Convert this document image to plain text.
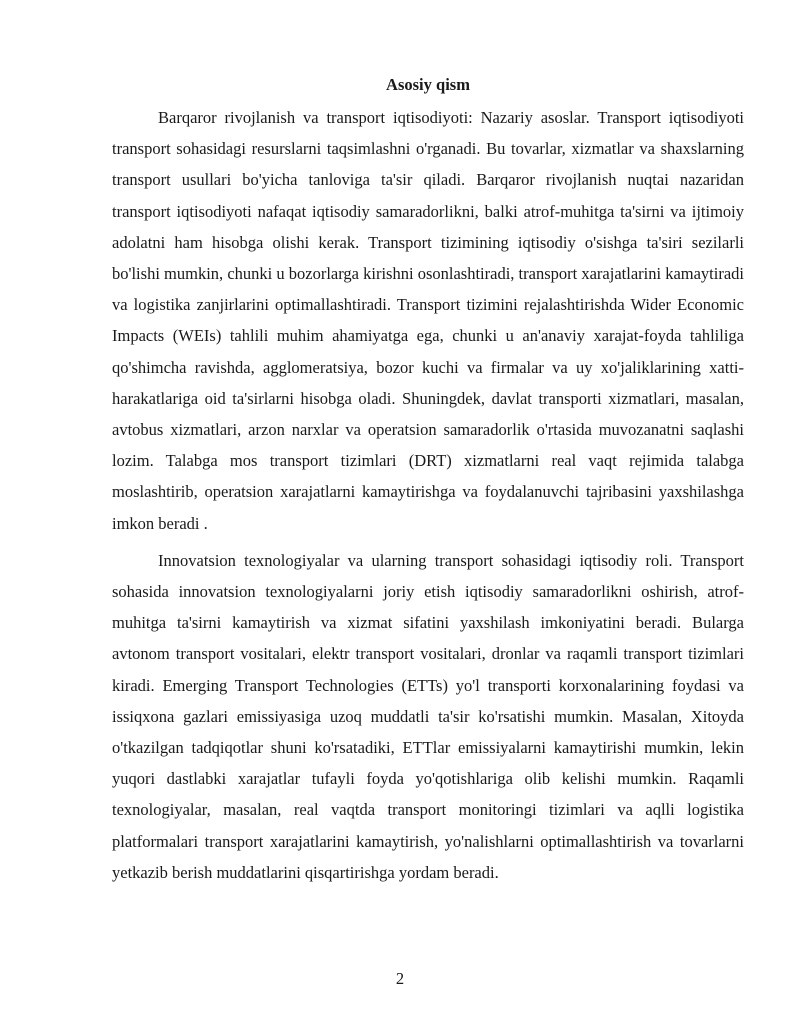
Asosiy qism

Barqaror rivojlanish va transport iqtisodiyoti: Nazariy asoslar. Transport iqtisodiyoti transport sohasidagi resurslarni taqsimlashni o'rganadi. Bu tovarlar, xizmatlar va shaxslarning transport usullari bo'yicha tanloviga ta'sir qiladi. Barqaror rivojlanish nuqtai nazaridan transport iqtisodiyoti nafaqat iqtisodiy samaradorlikni, balki atrof-muhitga ta'sirni va ijtimoiy adolatni ham hisobga olishi kerak. Transport tizimining iqtisodiy o'sishga ta'siri sezilarli bo'lishi mumkin, chunki u bozorlarga kirishni osonlashtiradi, transport xarajatlarini kamaytiradi va logistika zanjirlarini optimallashtiradi. Transport tizimini rejalashtirishda Wider Economic Impacts (WEIs) tahlili muhim ahamiyatga ega, chunki u an'anaviy xarajat-foyda tahliliga qo'shimcha ravishda, agglomeratsiya, bozor kuchi va firmalar va uy xo'jaliklarining xatti-harakatlariga oid ta'sirlarni hisobga oladi. Shuningdek, davlat transporti xizmatlari, masalan, avtobus xizmatlari, arzon narxlar va operatsion samaradorlik o'rtasida muvozanatni saqlashi lozim. Talabga mos transport tizimlari (DRT) xizmatlarni real vaqt rejimida talabga moslashtirib, operatsion xarajatlarni kamaytirishga va foydalanuvchi tajribasini yaxshilashga imkon beradi .

Innovatsion texnologiyalar va ularning transport sohasidagi iqtisodiy roli. Transport sohasida innovatsion texnologiyalarni joriy etish iqtisodiy samaradorlikni oshirish, atrof-muhitga ta'sirni kamaytirish va xizmat sifatini yaxshilash imkoniyatini beradi. Bularga avtonom transport vositalari, elektr transport vositalari, dronlar va raqamli transport tizimlari kiradi. Emerging Transport Technologies (ETTs) yo'l transporti korxonalarining foydasi va issiqxona gazlari emissiyasiga uzoq muddatli ta'sir ko'rsatishi mumkin. Masalan, Xitoyda o'tkazilgan tadqiqotlar shuni ko'rsatadiki, ETTlar emissiyalarni kamaytirishi mumkin, lekin yuqori dastlabki xarajatlar tufayli foyda yo'qotishlariga olib kelishi mumkin. Raqamli texnologiyalar, masalan, real vaqtda transport monitoringi tizimlari va aqlli logistika platformalari transport xarajatlarini kamaytirish, yo'nalishlarni optimallashtirish va tovarlarni yetkazib berish muddatlarini qisqartirishga yordam beradi.

2
